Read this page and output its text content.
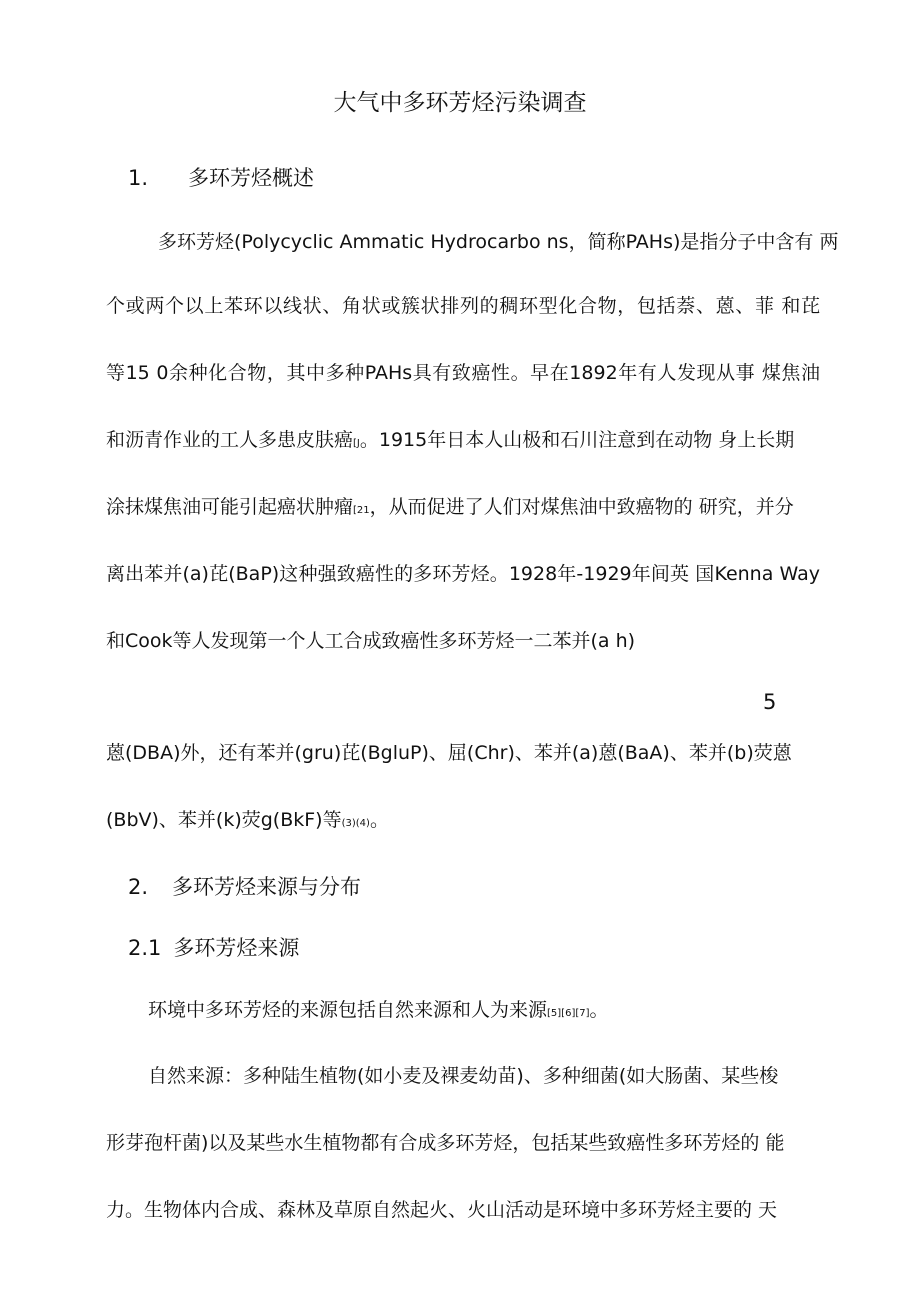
大气中多环芳烃污染调查
1. 多环芳烃概述
多环芳烃(Polycyclic Ammatic Hydrocarbo ns，简称PAHs)是指分子中含有 两
个或两个以上苯环以线状、角状或簇状排列的稠环型化合物，包括萘、蒽、菲 和芘
等15 0余种化合物，其中多种PAHs具有致癌性。早在1892年有人发现从事 煤焦油
和沥青作业的工人多患皮肤癌[J。1915年日本人山极和石川注意到在动物 身上长期
涂抹煤焦油可能引起癌状肿瘤[21，从而促进了人们对煤焦油中致癌物的 研究，并分
离出苯并(a)芘(BaP)这种强致癌性的多环芳烃。1928年-1929年间英 国Kenna Way
和Cook等人发现第一个人工合成致癌性多环芳烃一二苯并(a h)
5
蒽(DBA)外，还有苯并(gru)芘(BgluP)、屈(Chr)、苯并(a)蒽(BaA)、苯并(b)荧蒽
(BbV)、苯并(k)荧g(BkF)等(3)(4)。
2. 多环芳烃来源与分布
2.1 多环芳烃来源
环境中多环芳烃的来源包括自然来源和人为来源[5][6][7]。
自然来源：多种陆生植物(如小麦及裸麦幼苗)、多种细菌(如大肠菌、某些梭
形芽孢杆菌)以及某些水生植物都有合成多环芳烃，包括某些致癌性多环芳烃的 能
力。生物体内合成、森林及草原自然起火、火山活动是环境中多环芳烃主要的 天
